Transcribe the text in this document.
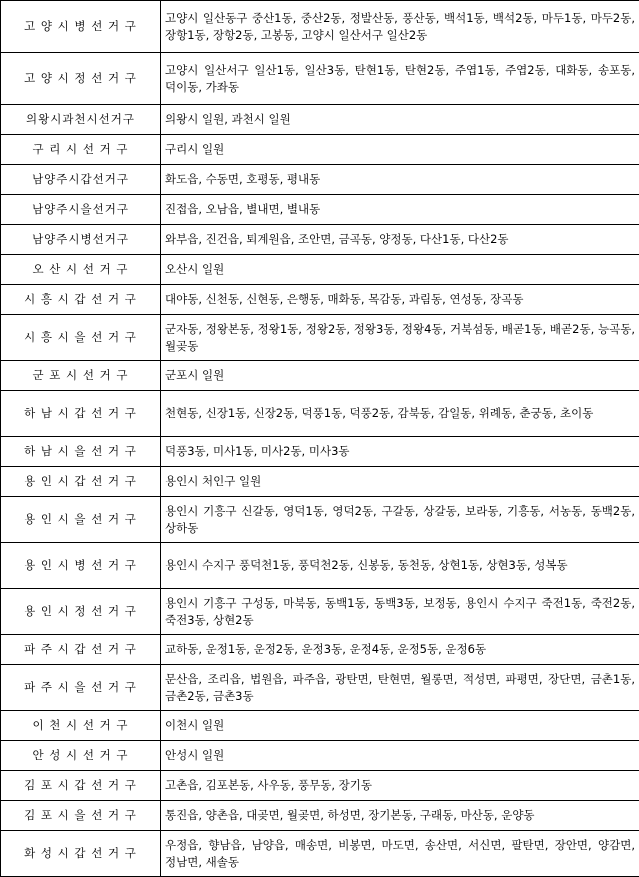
고 양 시 병 선 거 구	고양시 일산동구 중산1동, 중산2동, 정발산동, 풍산동, 백석1동, 백석2동, 마두1동, 마두2동, 장항1동, 장항2동, 고봉동, 고양시 일산서구 일산2동
고 양 시 정 선 거 구	고양시 일산서구 일산1동, 일산3동, 탄현1동, 탄현2동, 주엽1동, 주엽2동, 대화동, 송포동, 덕이동, 가좌동
의왕시과천시선거구	의왕시 일원, 과천시 일원
구 리 시 선 거 구	구리시 일원
남양주시갑선거구	화도읍, 수동면, 호평동, 평내동
남양주시을선거구	진접읍, 오남읍, 별내면, 별내동
남양주시병선거구	와부읍, 진건읍, 퇴계원읍, 조안면, 금곡동, 양정동, 다산1동, 다산2동
오 산 시 선 거 구	오산시 일원
시 흥 시 갑 선 거 구	대야동, 신천동, 신현동, 은행동, 매화동, 목감동, 과림동, 연성동, 장곡동
시 흥 시 을 선 거 구	군자동, 정왕본동, 정왕1동, 정왕2동, 정왕3동, 정왕4동, 거북섬동, 배곧1동, 배곧2동, 능곡동, 월곶동
군 포 시 선 거 구	군포시 일원
하 남 시 갑 선 거 구	천현동, 신장1동, 신장2동, 덕풍1동, 덕풍2동, 감북동, 감일동, 위례동, 춘궁동, 초이동
하 남 시 을 선 거 구	덕풍3동, 미사1동, 미사2동, 미사3동
용 인 시 갑 선 거 구	용인시 처인구 일원
용 인 시 을 선 거 구	용인시 기흥구 신갈동, 영덕1동, 영덕2동, 구갈동, 상갈동, 보라동, 기흥동, 서농동, 동백2동, 상하동
용 인 시 병 선 거 구	용인시 수지구 풍덕천1동, 풍덕천2동, 신봉동, 동천동, 상현1동, 상현3동, 성복동
용 인 시 정 선 거 구	용인시 기흥구 구성동, 마북동, 동백1동, 동백3동, 보정동, 용인시 수지구 죽전1동, 죽전2동, 죽전3동, 상현2동
파 주 시 갑 선 거 구	교하동, 운정1동, 운정2동, 운정3동, 운정4동, 운정5동, 운정6동
파 주 시 을 선 거 구	문산읍, 조리읍, 법원읍, 파주읍, 광탄면, 탄현면, 월롱면, 적성면, 파평면, 장단면, 금촌1동, 금촌2동, 금촌3동
이 천 시 선 거 구	이천시 일원
안 성 시 선 거 구	안성시 일원
김 포 시 갑 선 거 구	고촌읍, 김포본동, 사우동, 풍무동, 장기동
김 포 시 을 선 거 구	통진읍, 양촌읍, 대곶면, 월곶면, 하성면, 장기본동, 구래동, 마산동, 운양동
화 성 시 갑 선 거 구	우정읍, 향남읍, 남양읍, 매송면, 비봉면, 마도면, 송산면, 서신면, 팔탄면, 장안면, 양감면, 정남면, 새솔동
